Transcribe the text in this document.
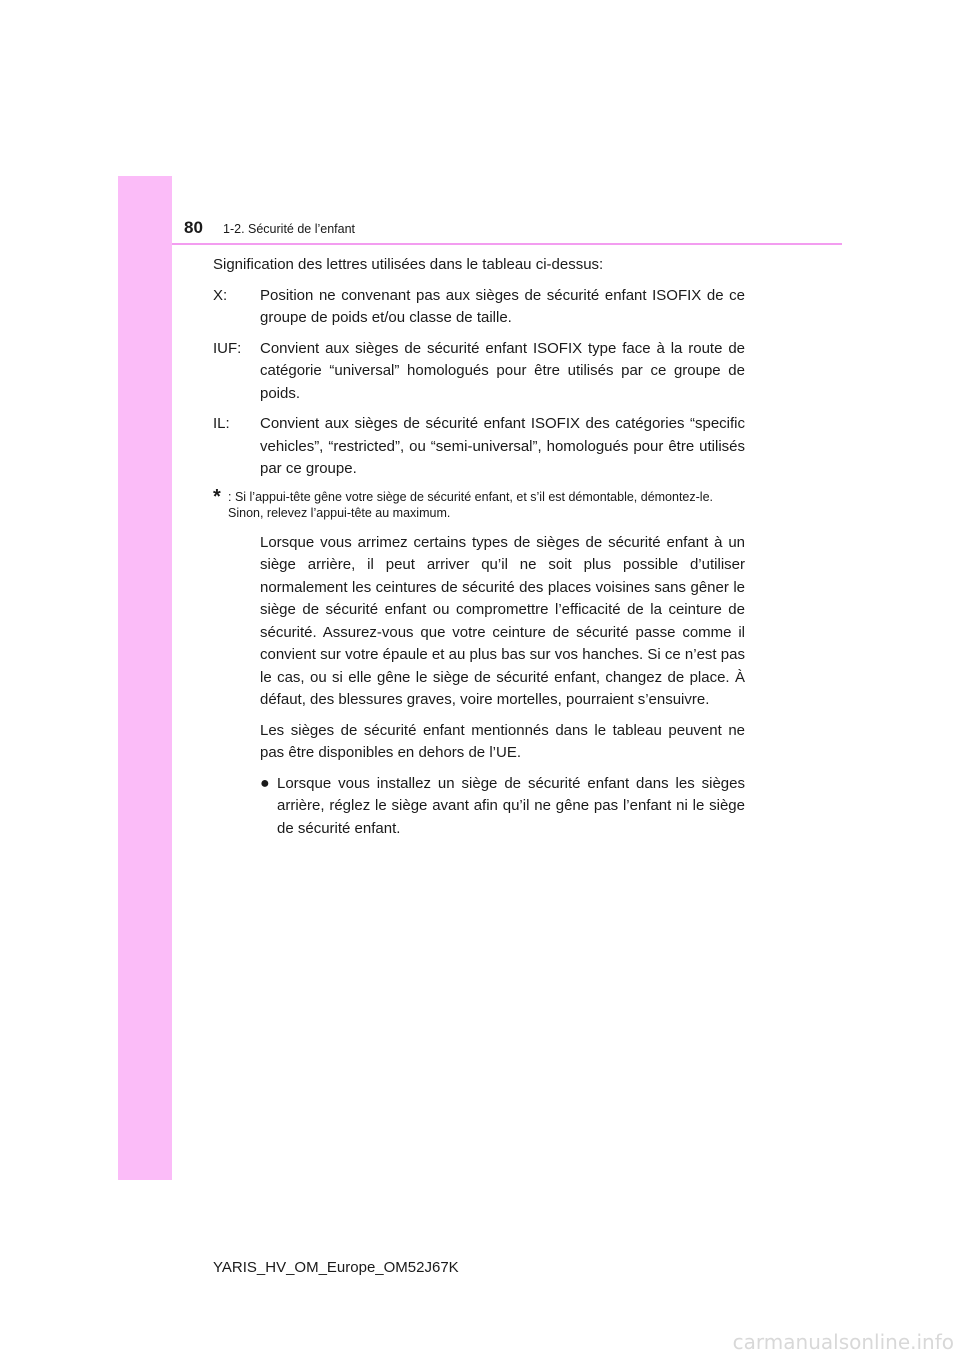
80 1-2. Sécurité de l’enfant

Signification des lettres utilisées dans le tableau ci-dessus:

X:	Position ne convenant pas aux sièges de sécurité enfant ISOFIX de ce groupe de poids et/ou classe de taille.
IUF:	Convient aux sièges de sécurité enfant ISOFIX type face à la route de catégorie “universal” homologués pour être utilisés par ce groupe de poids.
IL:	Convient aux sièges de sécurité enfant ISOFIX des catégories “specific vehicles”, “restricted”, ou “semi-universal”, homologués pour être utilisés par ce groupe.
* : Si l’appui-tête gêne votre siège de sécurité enfant, et s’il est démontable, démontez-le.
Sinon, relevez l’appui-tête au maximum.

Lorsque vous arrimez certains types de sièges de sécurité enfant à un siège arrière, il peut arriver qu’il ne soit plus possible d’utiliser normalement les ceintures de sécurité des places voisines sans gêner le siège de sécurité enfant ou compromettre l’efficacité de la ceinture de sécurité. Assurez-vous que votre ceinture de sécurité passe comme il convient sur votre épaule et au plus bas sur vos hanches. Si ce n’est pas le cas, ou si elle gêne le siège de sécurité enfant, changez de place. À défaut, des blessures graves, voire mortelles, pourraient s’ensuivre.

Les sièges de sécurité enfant mentionnés dans le tableau peuvent ne pas être disponibles en dehors de l’UE.

● Lorsque vous installez un siège de sécurité enfant dans les sièges arrière, réglez le siège avant afin qu’il ne gêne pas l’enfant ni le siège de sécurité enfant.
YARIS_HV_OM_Europe_OM52J67K
carmanualsonline.info
